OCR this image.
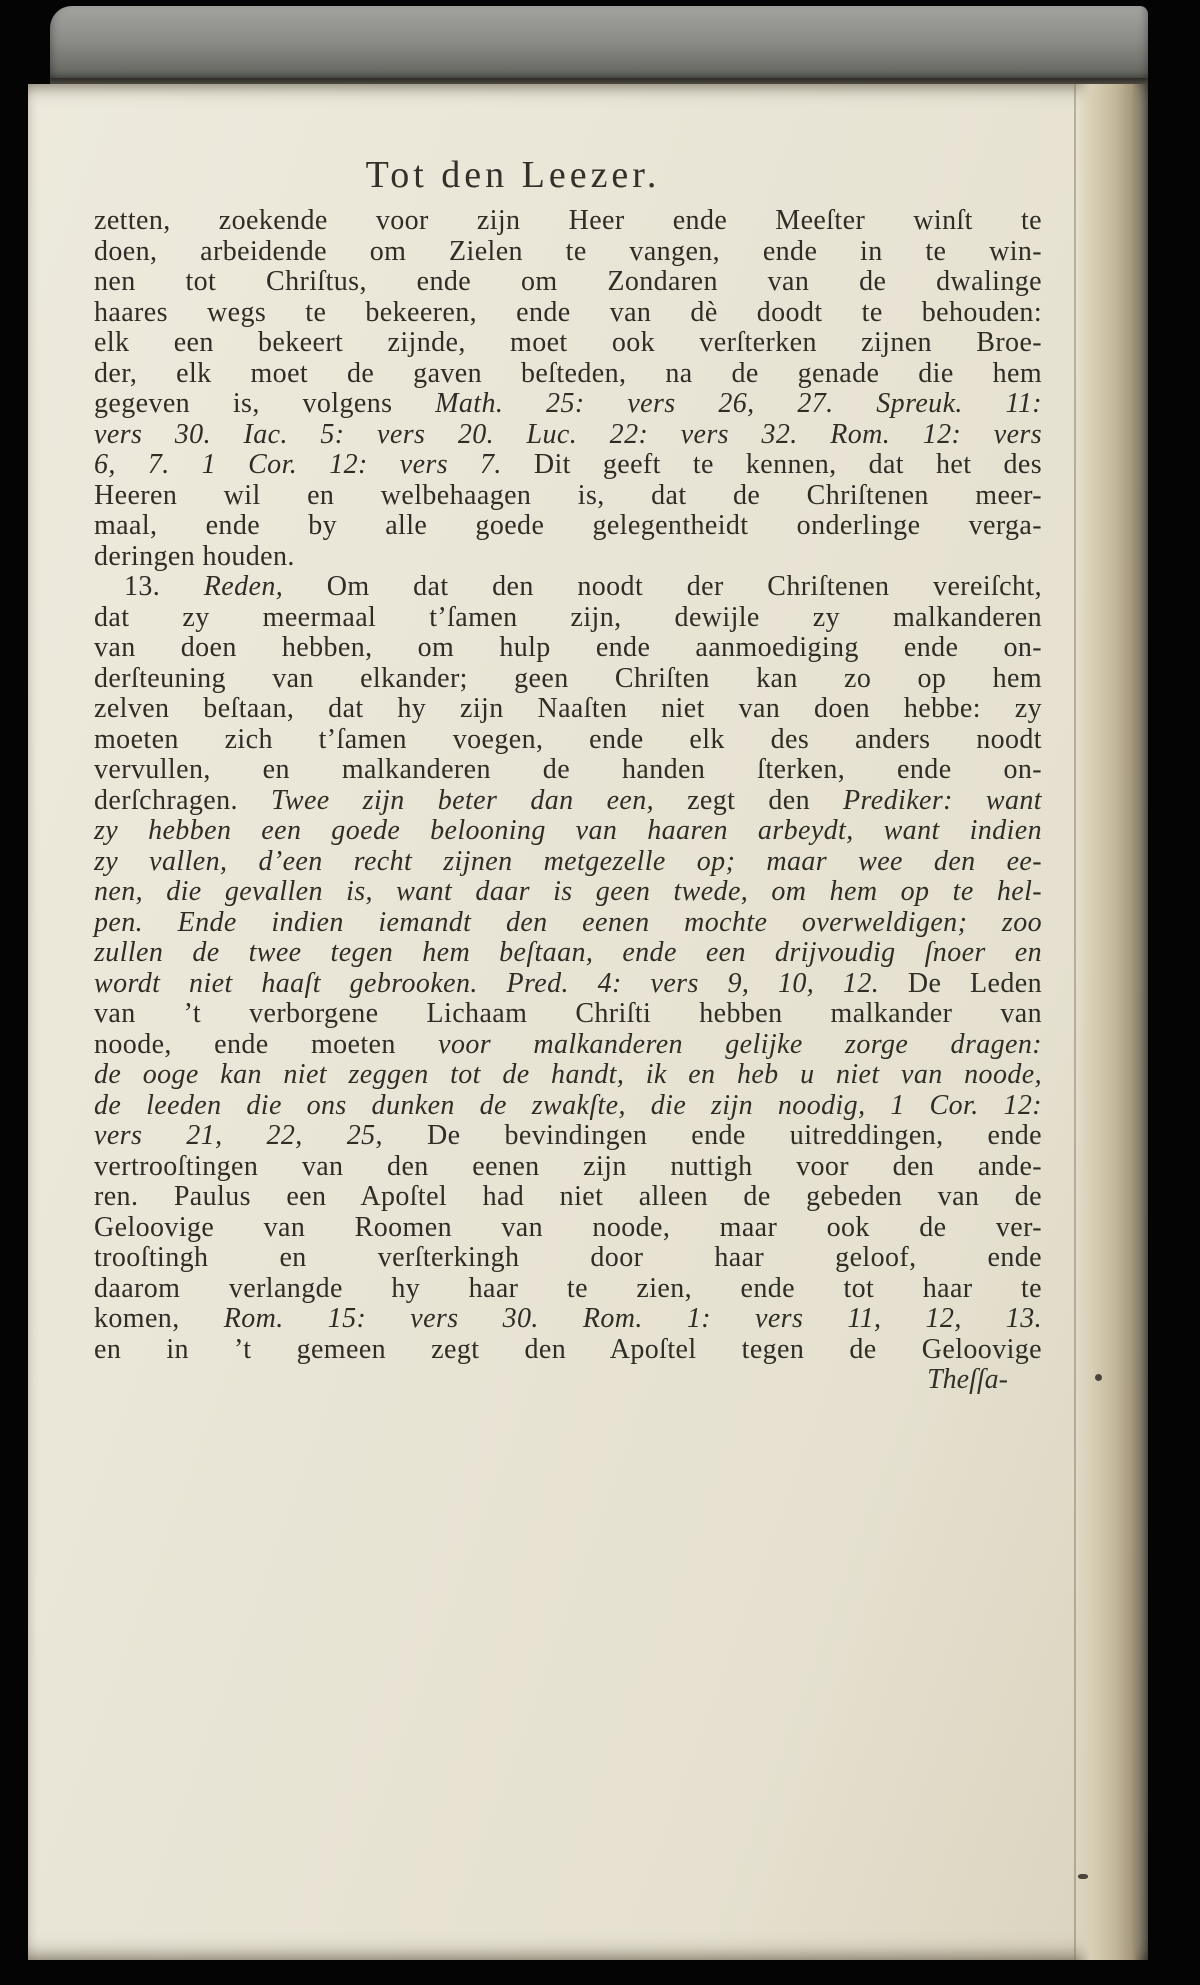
Tot den Leezer.
zetten, zoekende voor zijn Heer ende Meeſter winſt te
doen, arbeidende om Zielen te vangen, ende in te win-
nen tot Chriſtus, ende om Zondaren van de dwalinge
haares wegs te bekeeren, ende van dè doodt te behouden:
elk een bekeert zijnde, moet ook verſterken zijnen Broe-
der, elk moet de gaven beſteden, na de genade die hem
gegeven is, volgens Math. 25: vers 26, 27. Spreuk. 11:
vers 30. Iac. 5: vers 20. Luc. 22: vers 32. Rom. 12: vers
6, 7. 1 Cor. 12: vers 7. Dit geeft te kennen, dat het des
Heeren wil en welbehaagen is, dat de Chriſtenen meer-
maal, ende by alle goede gelegentheidt onderlinge verga-
deringen houden.
13. Reden, Om dat den noodt der Chriſtenen vereiſcht,
dat zy meermaal t’ſamen zijn, dewijle zy malkanderen
van doen hebben, om hulp ende aanmoediging ende on-
derſteuning van elkander; geen Chriſten kan zo op hem
zelven beſtaan, dat hy zijn Naaſten niet van doen hebbe: zy
moeten zich t’ſamen voegen, ende elk des anders noodt
vervullen, en malkanderen de handen ſterken, ende on-
derſchragen. Twee zijn beter dan een, zegt den Prediker: want
zy hebben een goede belooning van haaren arbeydt, want indien
zy vallen, d’een recht zijnen metgezelle op; maar wee den ee-
nen, die gevallen is, want daar is geen twede, om hem op te hel-
pen. Ende indien iemandt den eenen mochte overweldigen; zoo
zullen de twee tegen hem beſtaan, ende een drijvoudig ſnoer en
wordt niet haaſt gebrooken. Pred. 4: vers 9, 10, 12. De Leden
van ’t verborgene Lichaam Chriſti hebben malkander van
noode, ende moeten voor malkanderen gelijke zorge dragen:
de ooge kan niet zeggen tot de handt, ik en heb u niet van noode,
de leeden die ons dunken de zwakſte, die zijn noodig, 1 Cor. 12:
vers 21, 22, 25, De bevindingen ende uitreddingen, ende
vertrooſtingen van den eenen zijn nuttigh voor den ande-
ren. Paulus een Apoſtel had niet alleen de gebeden van de
Geloovige van Roomen van noode, maar ook de ver-
trooſtingh en verſterkingh door haar geloof, ende
daarom verlangde hy haar te zien, ende tot haar te
komen, Rom. 15: vers 30. Rom. 1: vers 11, 12, 13.
en in ’t gemeen zegt den Apoſtel tegen de Geloovige
Theſſa-
